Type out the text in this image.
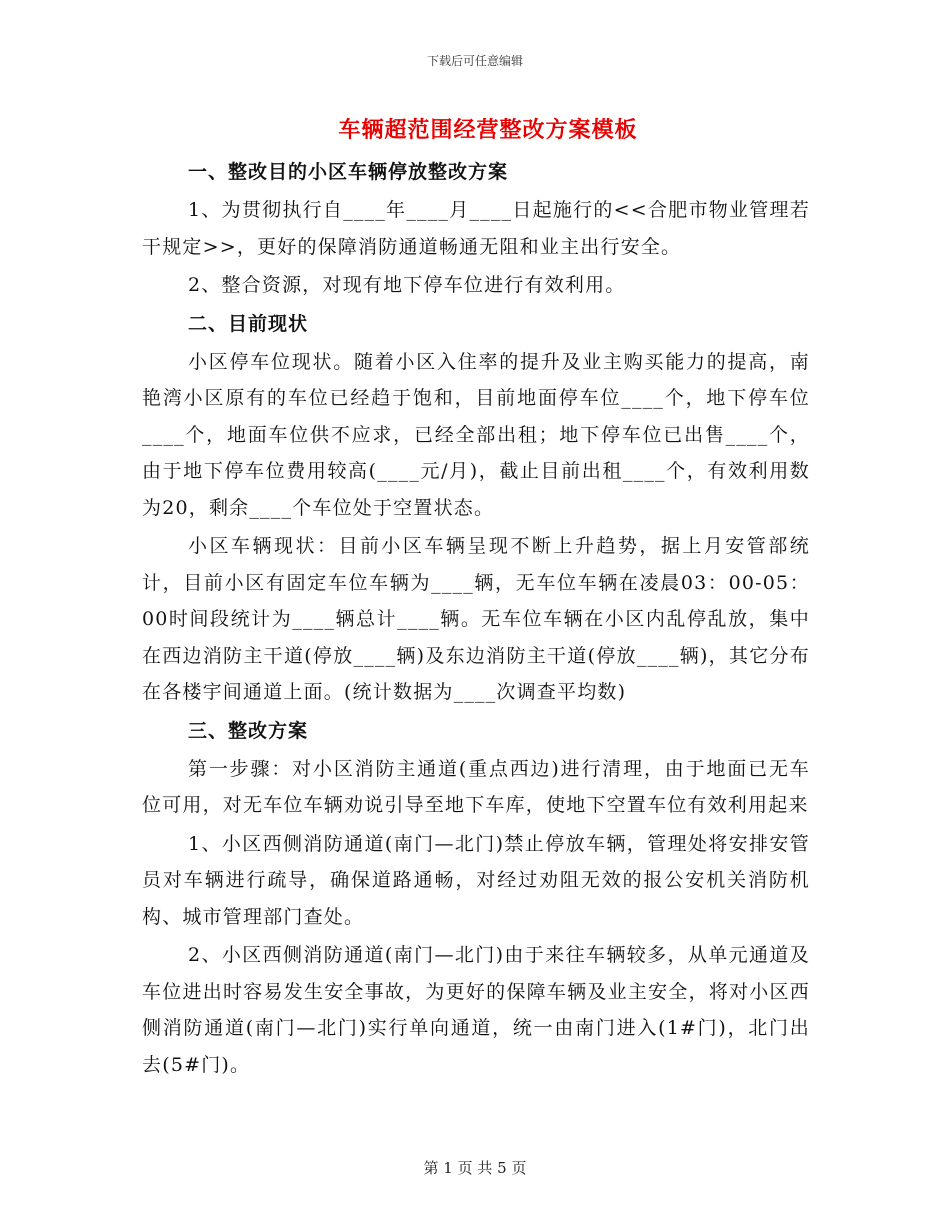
下载后可任意编辑
车辆超范围经营整改方案模板
一、整改目的小区车辆停放整改方案
1、为贯彻执行自____年____月____日起施行的<<合肥市物业管理若干规定>>，更好的保障消防通道畅通无阻和业主出行安全。
2、整合资源，对现有地下停车位进行有效利用。
二、目前现状
小区停车位现状。随着小区入住率的提升及业主购买能力的提高，南艳湾小区原有的车位已经趋于饱和，目前地面停车位____个，地下停车位____个，地面车位供不应求，已经全部出租；地下停车位已出售____个，由于地下停车位费用较高(____元/月)，截止目前出租____个，有效利用数为20，剩余____个车位处于空置状态。
小区车辆现状：目前小区车辆呈现不断上升趋势，据上月安管部统计，目前小区有固定车位车辆为____辆，无车位车辆在凌晨03：00-05：00时间段统计为____辆总计____辆。无车位车辆在小区内乱停乱放，集中在西边消防主干道(停放____辆)及东边消防主干道(停放____辆)，其它分布在各楼宇间通道上面。(统计数据为____次调查平均数)
三、整改方案
第一步骤：对小区消防主通道(重点西边)进行清理，由于地面已无车位可用，对无车位车辆劝说引导至地下车库，使地下空置车位有效利用起来
1、小区西侧消防通道(南门—北门)禁止停放车辆，管理处将安排安管员对车辆进行疏导，确保道路通畅，对经过劝阻无效的报公安机关消防机构、城市管理部门查处。
2、小区西侧消防通道(南门—北门)由于来往车辆较多，从单元通道及车位进出时容易发生安全事故，为更好的保障车辆及业主安全，将对小区西侧消防通道(南门—北门)实行单向通道，统一由南门进入(1#门)，北门出去(5#门)。
第 1 页 共 5 页
